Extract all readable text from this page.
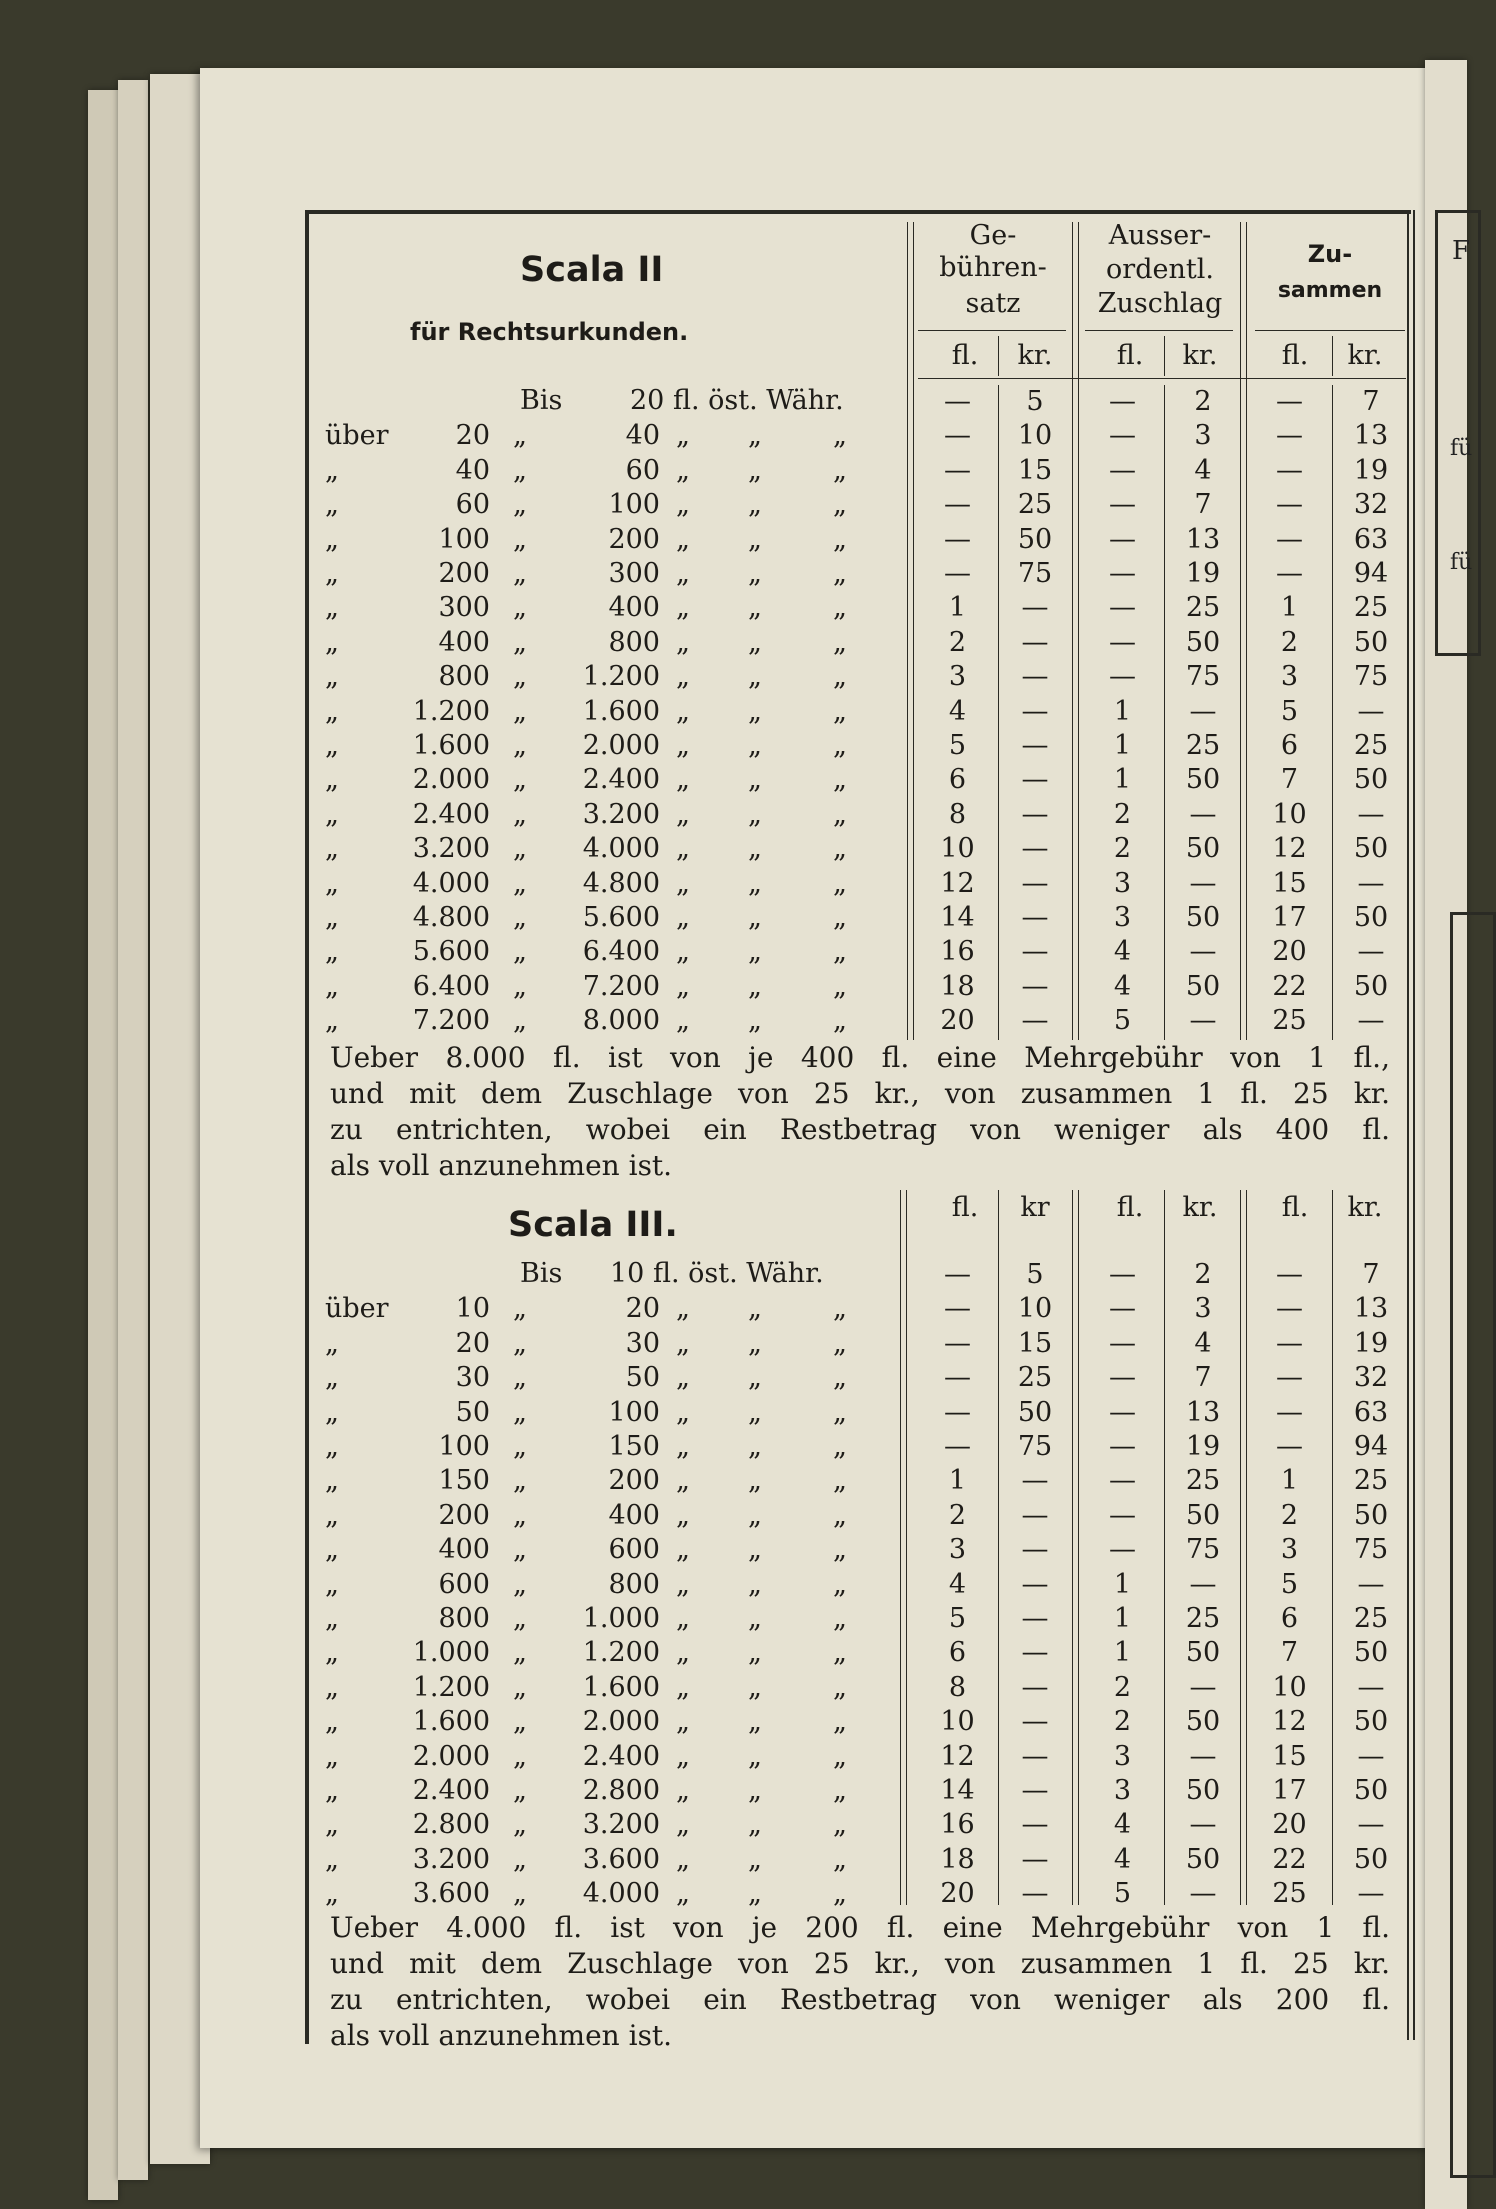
F
fü
fü
Scala II
für Rechtsurkunden.
Ge-
bühren-
satz
Ausser-
ordentl.
Zuschlag
Zu-
sammen
fl.	kr.	fl.	kr.	fl.	kr.
Bis	20 fl. öst. Währ.	—	5	—	2	—	7
über	20 „	40 „ „	„	—	10	—	3	—	13
„	40 „	60 „ „	„	—	15	—	4	—	19
„	60 „	100 „ „	„	—	25	—	7	—	32
„	100 „	200 „ „	„	—	50	—	13	—	63
„	200 „	300 „ „	„	—	75	—	19	—	94
„	300 „	400 „ „	„	1	—	—	25	1	25
„	400 „	800 „ „	„	2	—	—	50	2	50
„	800 „	1.200 „ „	„	3	—	—	75	3	75
„	1.200 „	1.600 „ „	„	4	—	1	—	5	—
„	1.600 „	2.000 „ „	„	5	—	1	25	6	25
„	2.000 „	2.400 „ „	„	6	—	1	50	7	50
„	2.400 „	3.200 „ „	„	8	—	2	—	10	—
„	3.200 „	4.000 „ „	„	10	—	2	50	12	50
„	4.000 „	4.800 „ „	„	12	—	3	—	15	—
„	4.800 „	5.600 „ „	„	14	—	3	50	17	50
„	5.600 „	6.400 „ „	„	16	—	4	—	20	—
„	6.400 „	7.200 „ „	„	18	—	4	50	22	50
„	7.200 „	8.000 „ „	„	20	—	5	—	25	—
Ueber 8.000 fl. ist von je 400 fl. eine Mehrgebühr von 1 fl.,
und mit dem Zuschlage von 25 kr., von zusammen 1 fl. 25 kr.
zu entrichten, wobei ein Restbetrag von weniger als 400 fl.
als voll anzunehmen ist.
Scala III.	fl.	kr	fl.	kr.	fl.	kr.
Bis 10 fl. öst. Währ.	—	5	—	2	—	7
über	10 „	20 „ „	„	—	10	—	3	—	13
„	20 „	30 „ „	„	—	15	—	4	—	19
„	30 „	50 „ „	„	—	25	—	7	—	32
„	50 „	100 „ „	„	—	50	—	13	—	63
„	100 „	150 „ „	„	—	75	—	19	—	94
„	150 „	200 „ „	„	1	—	—	25	1	25
„	200 „	400 „ „	„	2	—	—	50	2	50
„	400 „	600 „ „	„	3	—	—	75	3	75
„	600 „	800 „ „	„	4	—	1	—	5	—
„	800 „	1.000 „ „	„	5	—	1	25	6	25
„	1.000 „	1.200 „ „	„	6	—	1	50	7	50
„	1.200 „	1.600 „ „	„	8	—	2	—	10	—
„	1.600 „	2.000 „ „	„	10	—	2	50	12	50
„	2.000 „	2.400 „ „	„	12	—	3	—	15	—
„	2.400 „	2.800 „ „	„	14	—	3	50	17	50
„	2.800 „	3.200 „ „	„	16	—	4	—	20	—
„	3.200 „	3.600 „ „	„	18	—	4	50	22	50
„	3.600 „	4.000 „ „	„	20	—	5	—	25	—
Ueber 4.000 fl. ist von je 200 fl. eine Mehrgebühr von 1 fl.
und mit dem Zuschlage von 25 kr., von zusammen 1 fl. 25 kr.
zu entrichten, wobei ein Restbetrag von weniger als 200 fl.
als voll anzunehmen ist.
